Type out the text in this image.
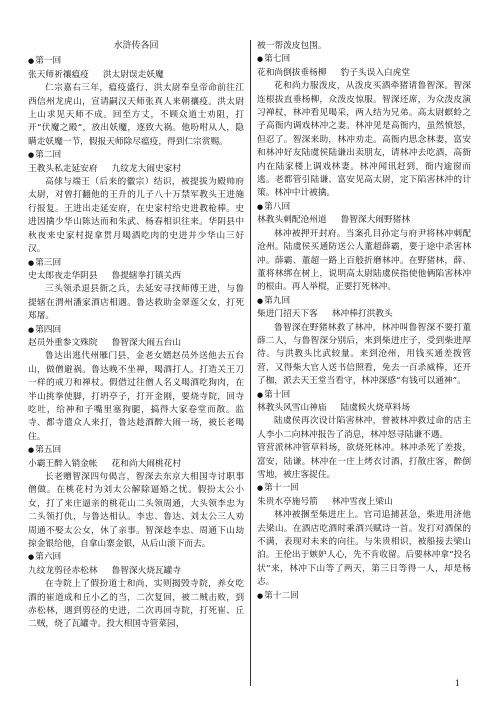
水浒传各回
●第一回
张天师祈禳瘟疫 洪太尉误走妖魔

仁宗嘉右三年，瘟疫盛行，洪太尉奉皇帝命前往江西信州龙虎山，宣请嗣汉天师张真人来朝禳疫。洪太尉上山求见天师不成。回至方丈，不顾众道士劝阻，打开“伏魔之殿”，放出妖魔，逐致大祸。他吩咐从人，隐瞒走妖魔一节，假报天师除尽瘟疫，得到仁宗赏赐。

●第二回
王教头私走延安府 九纹龙大闹史家村

高俅与端王（后来的徽宗）结识，被提拔为殿帅府太尉，对曾打翻他的王升的儿子八十万禁军教头王进施行报复。王进出走延安府，在史家村给史进教枪棒。史进因擒少华山陈达而和朱武、杨春相识往来。华阴县中秋夜来史家村捉拿贯月喝酒吃肉的史进并少华山三好汉。

●第三回
史太郎夜走华阴县 鲁提辖拳打镇关西

三头领杀退县衙之兵，去延安寻找师傅王进，与鲁提辖在渭州潘家酒店相遇。鲁达救助金翠莲父女，打死郑屠。

●第四回
赵员外重参文殊院 鲁智深大闹五台山

鲁达出逃代州雁门县，金老女婿赵员外送他去五台山，做僧避祸。鲁达晚不坐禅，喝酒打人。打造关王刀一样的戒刀和禅杖。假借过往僧人名义喝酒吃狗肉，在半山挑拳使脚，打坍亭子，打开金刚，要烧寺院，回寺吃吐，给神和子嘴里塞狗腿，搞得大家卷堂而散。监寺、都寺遣众人来打，鲁达趁酒醉大闹一场，被长老喝住。

●第五回
小霸王醉入销金帐 花和尚大闹桃花村

长老赠智深四句偈言，智深去东京大相国寺讨职事僧做。在桃花村为刘太公解除逼婚之忧。假扮太公小女，打了来庄逼亲的桃花山二头领周通，大头领李忠为二头领打仇，与鲁达相认。李忠、鲁达、刘太公三人劝周通不娶太公女，休了亲事。智深趁李忠、周通下山劫掠金银给他，自拿山寨金银，从后山滚下而去。

●第六回
九纹龙剪径赤松林 鲁智深火烧瓦罐寺

在寺院上了假扮道士和尚，实则揭毁寺院，养女吃酒的崔道成和丘小乙的当，二次复回，被二贼击败，到赤松林，遇到剪径的史进，二次再回寺院，打死崔、丘二贼，烧了瓦罐寺。投大相国寺管菜园，

被一帮泼皮包围。

●第七回
花和尚倒拔垂杨柳 豹子头误入白虎堂

花和尚力服泼皮，从泼皮买酒牵猪请鲁智深。智深连根拔直垂杨柳，众泼皮惊服。智深还席，为众泼皮演习禅杖，林冲看见喝采，两人结为兄弟。高太尉螟蛉之子高衙内调戏林冲之妻。林冲见是高衙内，虽然愤怒，但忍了。智深来助，林冲劝走。高衙内思念林妻，富安和林冲好友陆虞侯陆谦出卖朋友，请林冲去吃酒，高衙内在陆家楼上调戏林妻。林冲闻讯赶到，衙内逾窗而逃。老都管引陆谦、富安见高太尉，定下陷害林冲的计策。林冲中计被擒。

●第八回
林教头刺配沧州道 鲁智深大闹野猪林

林冲被押开封府。当案孔目孙定与府尹将林冲刺配沧州。陆虞侯买通防送公人董超薛霸，要于途中杀害林冲。薛霸、董超一路上百般折磨林冲。在野猪林，薛、董将林绑在树上，说明高太尉陆虞侯指使他俩陷害林冲的根由。再人举棍，正要打死林冲。

●第九回
柴进门招天下客 林冲棒打洪教头

鲁智深在野猪林救了林冲，林冲叫鲁智深不要打董薛二人，与鲁智深分别后，来到柴进庄子，受到柴进厚待。与洪教头比武较量。来到沧州，用钱买通差拨管营，又得柴大官人送书信照看，免去一百杀威棒，还开了枷，派去天王堂当看守，林冲深感“有钱可以通神”。

●第十回
林教头风雪山神庙 陆虞候火烧草料场

陆虞侯再次设计陷害林冲，曾被林冲救过命的店主人李小二向林冲报告了消息，林冲怒寻陆谦不遇。

管营派林冲管草料场，欲烧死林冲。林冲杀死了差拨，富安，陆谦。林冲在一庄上烤衣讨酒，打散庄客，醉倒雪地，被庄客捉住。

●第十一回
朱贵水亭施号箭 林冲雪夜上梁山

林冲被捆至柴进庄上。官司追捕甚急，柴进用济他去梁山。在酒店吃酒时乘酒兴赋诗一首。发打对酒保的不满，表现对未来的向往。与朱贵相识，被船接去梁山泊。王伦出于嫉妒人心，先不肯收留。后要林冲拿“投名状”来，林冲下山等了两天，第三日等得一人，却是杨志。

●第十二回
1
